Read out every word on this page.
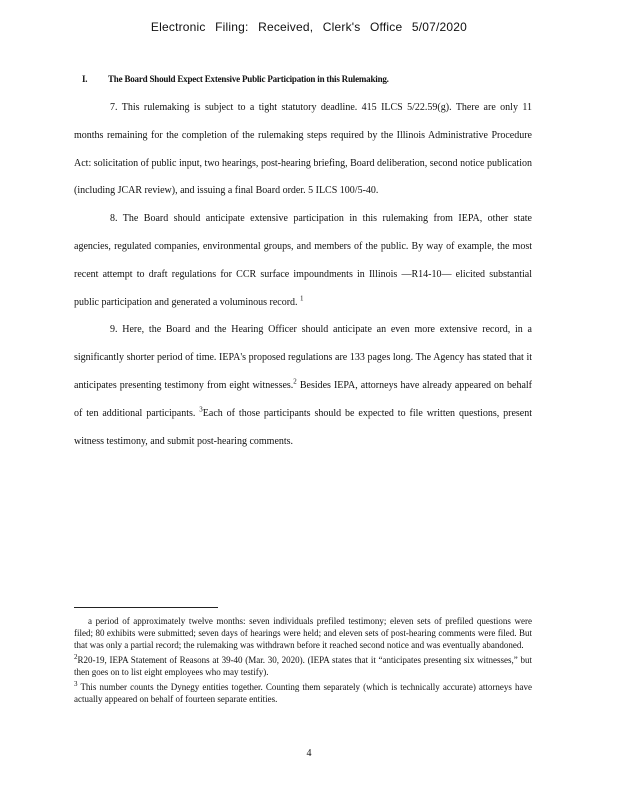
Electronic Filing: Received, Clerk's Office 5/07/2020
I. The Board Should Expect Extensive Public Participation in this Rulemaking.

7. This rulemaking is subject to a tight statutory deadline. 415 ILCS 5/22.59(g). There are only 11 months remaining for the completion of the rulemaking steps required by the Illinois Administrative Procedure Act: solicitation of public input, two hearings, post-hearing briefing, Board deliberation, second notice publication (including JCAR review), and issuing a final Board order. 5 ILCS 100/5-40.

8. The Board should anticipate extensive participation in this rulemaking from IEPA, other state agencies, regulated companies, environmental groups, and members of the public. By way of example, the most recent attempt to draft regulations for CCR surface impoundments in Illinois —R14-10— elicited substantial public participation and generated a voluminous record. $^1$

9. Here, the Board and the Hearing Officer should anticipate an even more extensive record, in a significantly shorter period of time. IEPA's proposed regulations are 133 pages long. The Agency has stated that it anticipates presenting testimony from eight witnesses.$^2$ Besides IEPA, attorneys have already appeared on behalf of ten additional participants. $^3$Each of those participants should be expected to file written questions, present witness testimony, and submit post-hearing comments.

a period of approximately twelve months: seven individuals prefiled testimony; eleven sets of prefiled questions were filed; 80 exhibits were submitted; seven days of hearings were held; and eleven sets of post-hearing comments were filed. But that was only a partial record; the rulemaking was withdrawn before it reached second notice and was eventually abandoned.

$^2$R20-19, IEPA Statement of Reasons at 39-40 (Mar. 30, 2020). (IEPA states that it “anticipates presenting six witnesses,” but then goes on to list eight employees who may testify).

$^3$ This number counts the Dynegy entities together. Counting them separately (which is technically accurate) attorneys have actually appeared on behalf of fourteen separate entities.

4
